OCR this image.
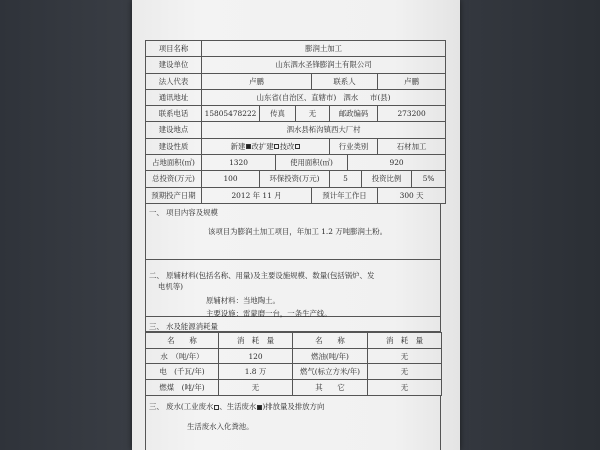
项目名称	膨润土加工									
建设单位	山东泗水圣锋膨润土有限公司									
法人代表	卢鹏				联系人				卢鹏	
通讯地址	山东省(自治区、直辖市) 泗水 市(县)									
联系电话	15805478222	传真		无		邮政编码			273200	
建设地点	泗水县柘沟镇西大厂村									
建设性质	新建 改扩建 技改					行业类别			石材加工	
占地面积(㎡)	1320		使用面积(㎡)				920			
总投资(万元)	100	环保投资(万元)				5		投资比例		5%
预期投产日期	2012 年 11 月				预计年工作日				300 天	
一、 项目内容及规模
该项目为膨润土加工项目，年加工 1.2 万吨膨润土粉。
二、 原辅材料(包括名称、用量)及主要设施规模、数量(包括锅炉、发
电机等)
原辅材料：当地陶土。
主要设施：雷蒙磨一台，一条生产线。
三、 水及能源消耗量
名　　称	消　耗　量	名　　称	消　耗　量
水　（吨/年）	120	燃油(吨/年)	无
电　(千瓦/年)	1.8 万	燃气(标立方米/年)	无
燃煤　(吨/年)	无	其　　它	无
三、 废水(工业废水 、生活废水 )排放量及排放方向
生活废水入化粪池。
